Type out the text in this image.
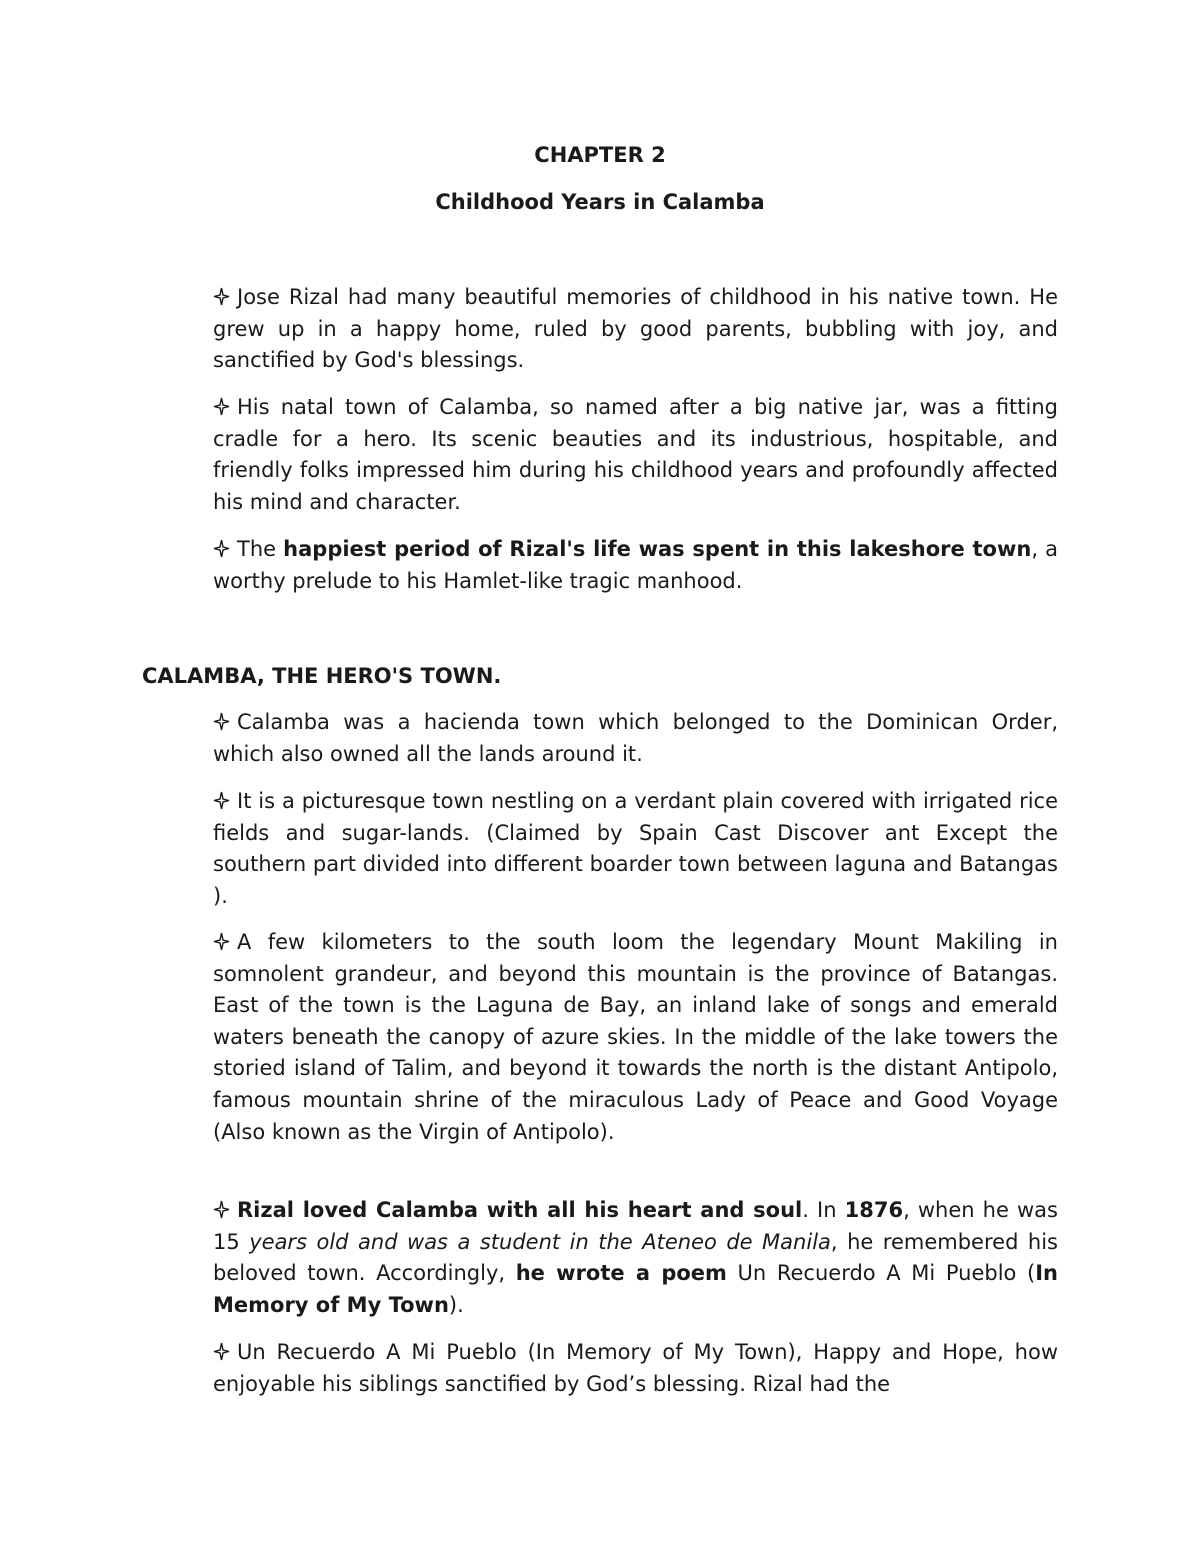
CHAPTER 2
Childhood Years in Calamba
Jose Rizal had many beautiful memories of childhood in his native town. He grew up in a happy home, ruled by good parents, bubbling with joy, and sanctified by God's blessings.
His natal town of Calamba, so named after a big native jar, was a fitting cradle for a hero. Its scenic beauties and its industrious, hospitable, and friendly folks impressed him during his childhood years and profoundly affected his mind and character.
The happiest period of Rizal's life was spent in this lakeshore town, a worthy prelude to his Hamlet-like tragic manhood.
CALAMBA, THE HERO'S TOWN.
Calamba was a hacienda town which belonged to the Dominican Order, which also owned all the lands around it.
It is a picturesque town nestling on a verdant plain covered with irrigated rice fields and sugar-lands. (Claimed by Spain Cast Discover ant Except the southern part divided into different boarder town between laguna and Batangas ).
A few kilometers to the south loom the legendary Mount Makiling in somnolent grandeur, and beyond this mountain is the province of Batangas. East of the town is the Laguna de Bay, an inland lake of songs and emerald waters beneath the canopy of azure skies. In the middle of the lake towers the storied island of Talim, and beyond it towards the north is the distant Antipolo, famous mountain shrine of the miraculous Lady of Peace and Good Voyage (Also known as the Virgin of Antipolo).
Rizal loved Calamba with all his heart and soul. In 1876, when he was 15 years old and was a student in the Ateneo de Manila, he remembered his beloved town. Accordingly, he wrote a poem Un Recuerdo A Mi Pueblo (In Memory of My Town).
Un Recuerdo A Mi Pueblo (In Memory of My Town), Happy and Hope, how enjoyable his siblings sanctified by God’s blessing. Rizal had the
